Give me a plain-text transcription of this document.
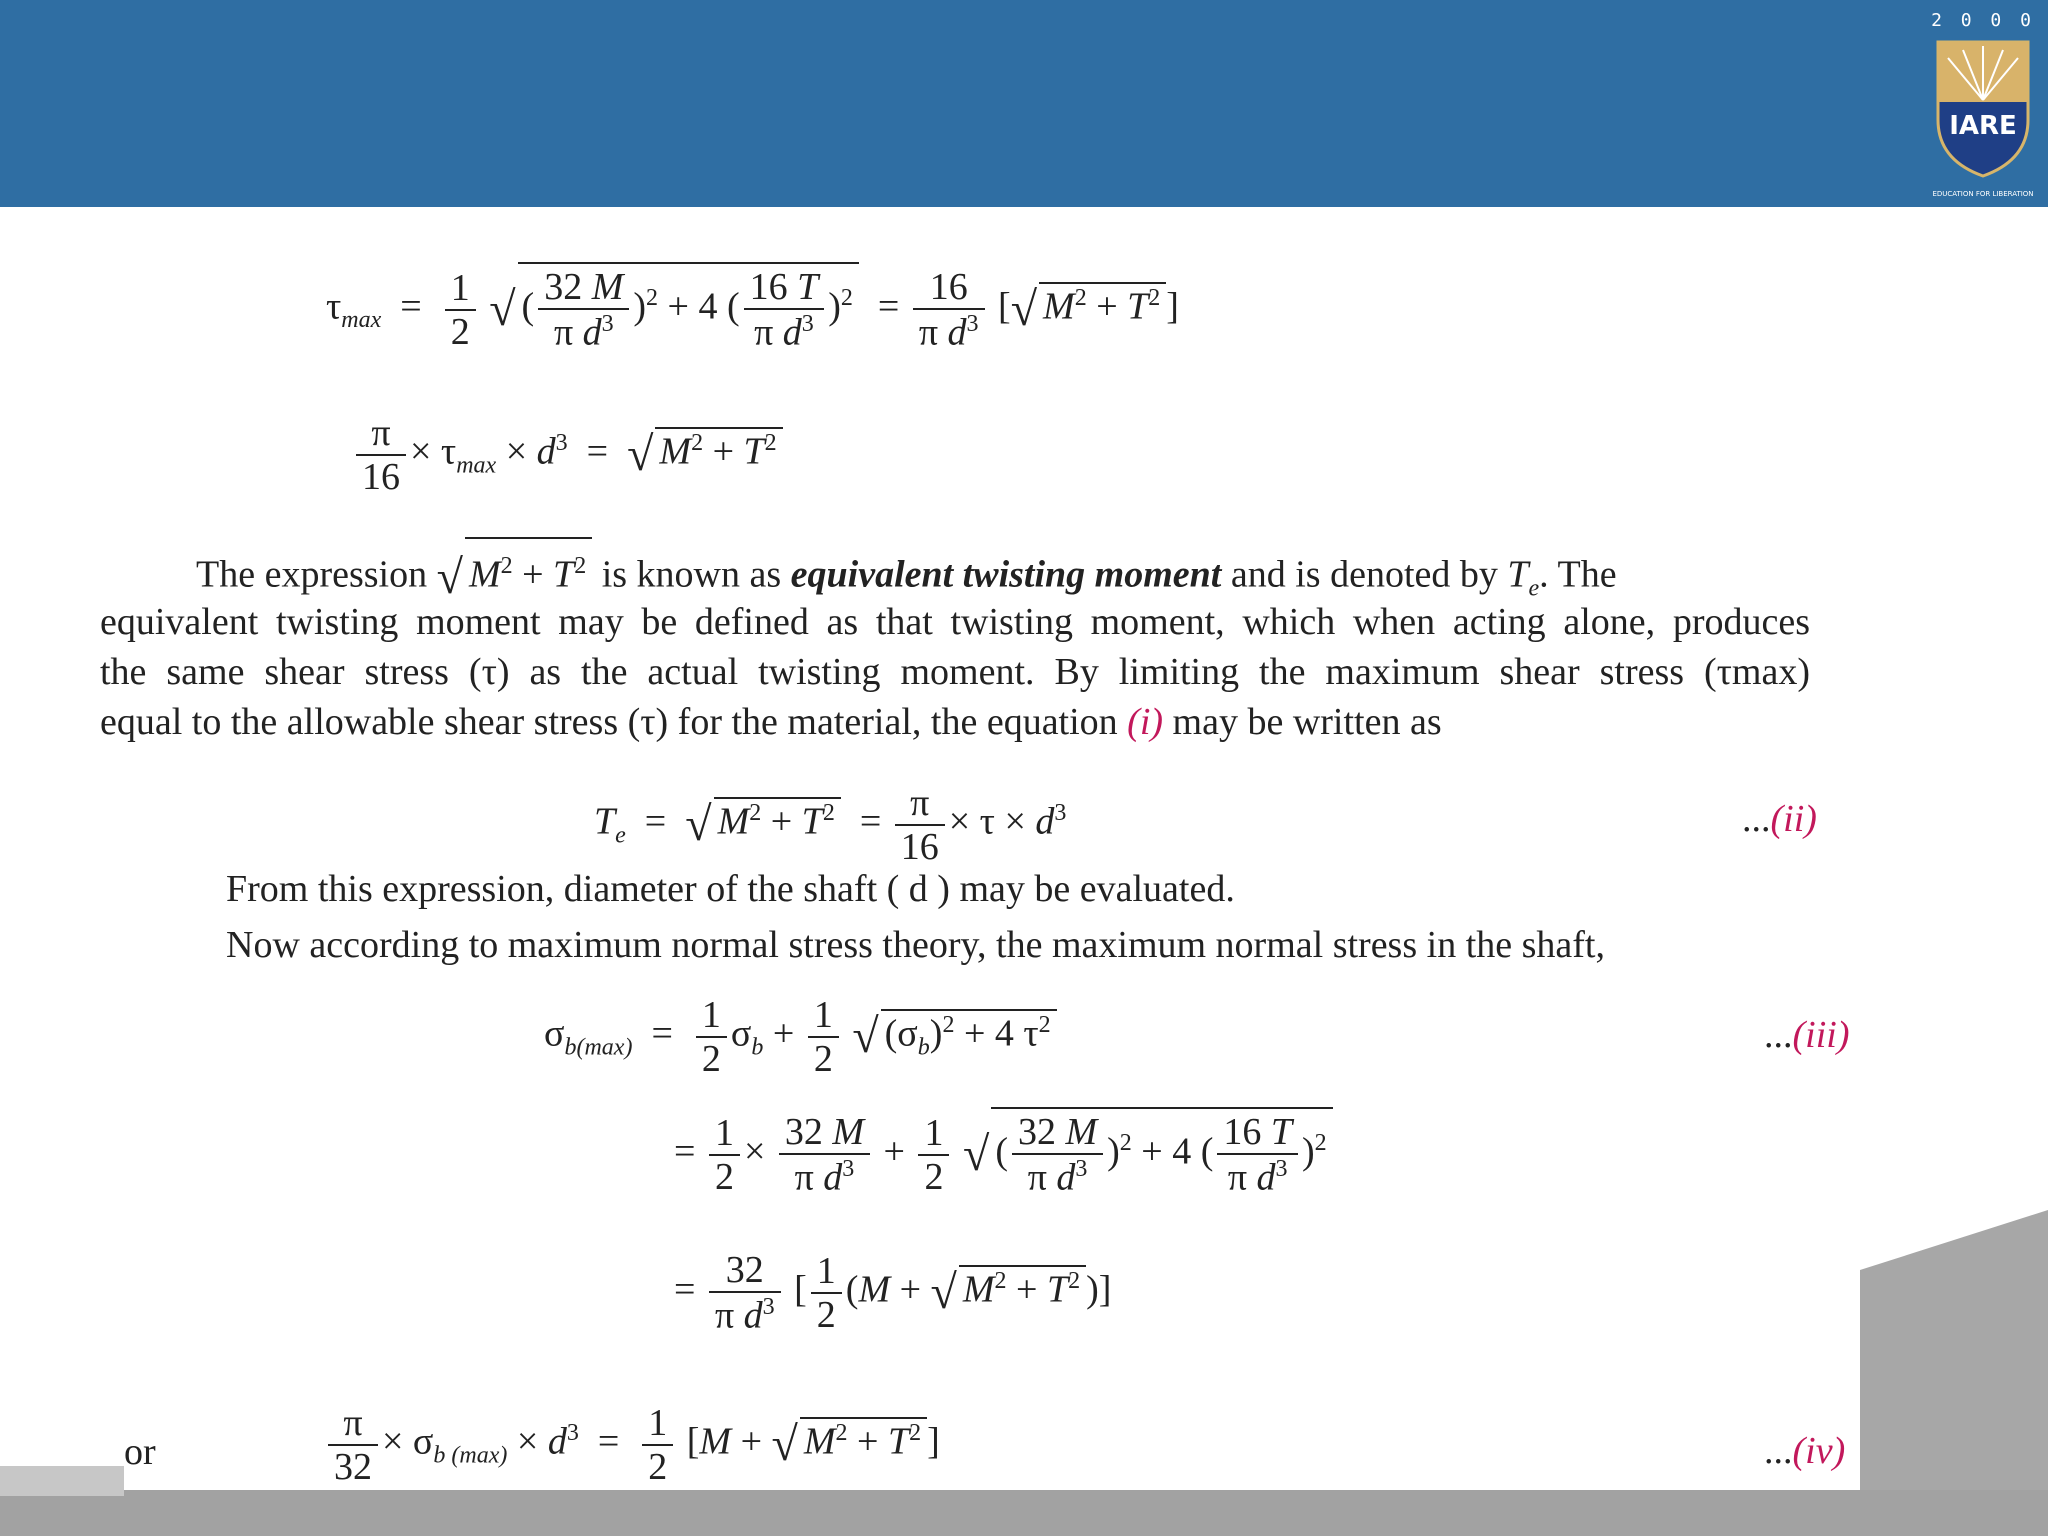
2 0 0 0
IARE
EDUCATION FOR LIBERATION
$\tau_{max} = \frac{1}{2}$ √ ( $\frac{32 M}{\pi d^3} )^2 + 4$ ( $\frac{16 T}{\pi d^3} )^2 = \frac{16}{\pi d^3}$ [√ $M^2 + T^2$ ]
$\frac{\pi}{16} \times \tau_{max} \times d^3$  =  √ $M^2 + T^2$
The expression √ $M^2 + T^2$ is known as equivalent twisting moment and is denoted by $T_e$. The
equivalent twisting moment may be defined as that twisting moment, which when acting alone, produces
the same shear stress (τ) as the actual twisting moment. By limiting the maximum shear stress (τmax)
equal to the allowable shear stress (τ) for the material, the equation (i) may be written as
$T_e$  =  √ $M^2 + T^2 = \frac{\pi}{16} \times \tau \times d^3$	...(ii)
From this expression, diameter of the shaft ( d ) may be evaluated.
Now according to maximum normal stress theory, the maximum normal stress in the shaft,
$\sigma_{b(max)} = \frac{1}{2} \sigma_b + \frac{1}{2}$ √ $(\sigma_b)^2 + 4$ $\tau^2$	...(iii)
= $\frac{1}{2} \times \frac{32 M}{\pi d^3} + \frac{1}{2}$ √ ( $\frac{32 M}{\pi d^3} )^2 + 4$ ( $\frac{16 T}{\pi d^3} )^2$
= $\frac{32}{\pi d^3}$ [ $\frac{1}{2} (M$ + √ $M^2 + T^2$ )]
or	$\frac{\pi}{32} \times \sigma_{b (max)} \times d^3 = \frac{1}{2} [M$ + √ $M^2 + T^2$ ]	...(iv)
